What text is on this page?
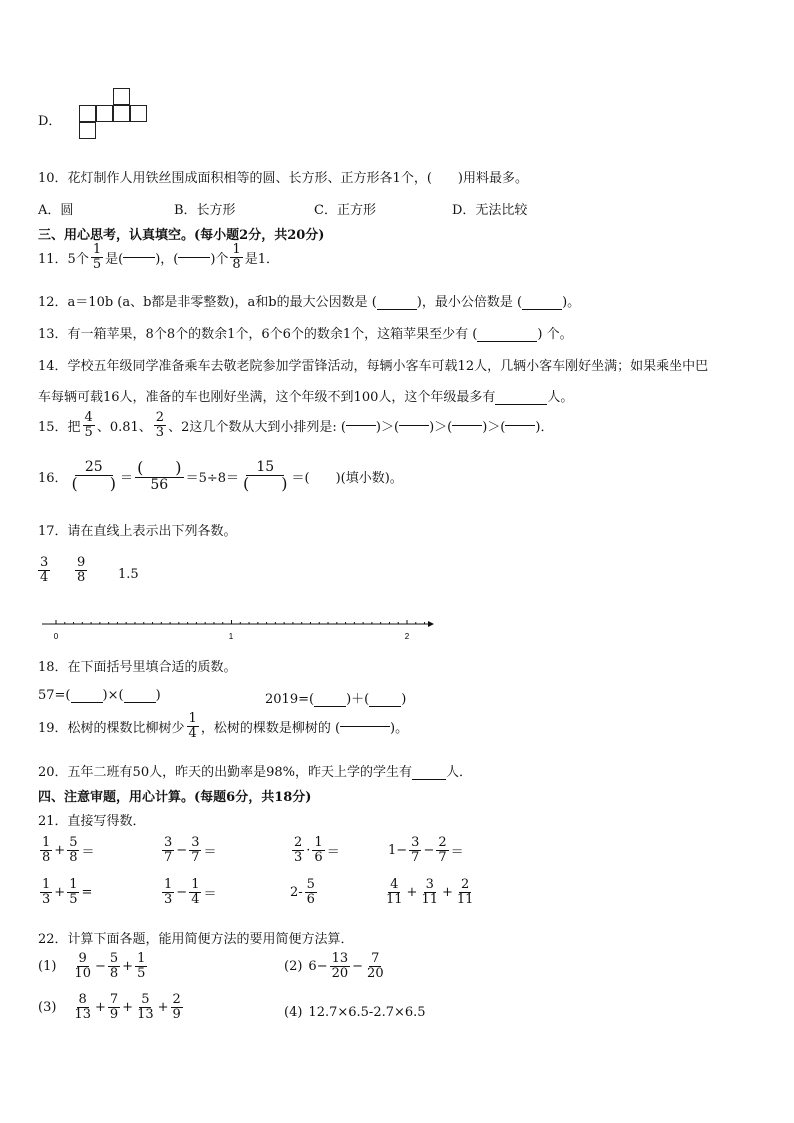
D．
10．花灯制作人用铁丝围成面积相等的圆、长方形、正方形各1个，(　　)用料最多。
A．圆	B．长方形	C．正方形	D．无法比较
三、用心思考，认真填空。(每小题2分，共20分)
11． 5个 $\frac{1}{5}$ 是( )，( )个 $\frac{1}{8}$ 是1．
12．a＝10b (a、b都是非零整数)，a和b的最大公因数是 (	)，最小公倍数是 (	)。
13．有一箱苹果，8个8个的数余1个，6个6个的数余1个，这箱苹果至少有 (	) 个。
14．学校五年级同学准备乘车去敬老院参加学雷锋活动，每辆小客车可载12人，几辆小客车刚好坐满；如果乘坐中巴
车每辆可载16人，准备的车也刚好坐满，这个年级不到100人，这个年级最多有	人。
15．把 $\frac{4}{5}$ 、0.81、 $\frac{2}{3}$ 、2这几个数从大到小排列是: ( )＞( )＞( )＞( )．
16． $\frac{25}{( )} = \frac{( )}{56} =5\div 8= \frac{15}{( )}$ ＝(　　)(填小数)。
17．请在直线上表示出下列各数。
$\frac{3}{4} \frac{9}{8} 1.5$
0	1	2
18．在下面括号里填合适的质数。
57=( )×( )	2019=( )＋( )
19．松树的棵数比柳树少 $\frac{1}{4}$ ，松树的棵数是柳树的 (	)。
20．五年二班有50人，昨天的出勤率是98%，昨天上学的学生有	人．
四、注意审题，用心计算。(每题6分，共18分)
21．直接写得数．
$\frac{1}{8} + \frac{5}{8}$ ＝	$\frac{3}{7} - \frac{3}{7}$ ＝	$\frac{2}{3} \cdot \frac{1}{6}$ ＝	$1- \frac{3}{7} - \frac{2}{7}$ ＝
$\frac{1}{3} + \frac{1}{5}$ =	$\frac{1}{3} - \frac{1}{4}$ ＝	$2- \frac{5}{6}$	$\frac{4}{11} + \frac{3}{11} + \frac{2}{11}$
22．计算下面各题，能用简便方法的要用简便方法算．
$(1) \frac{9}{10} - \frac{5}{8} + \frac{1}{5}$	(2) $6- \frac{13}{20} - \frac{7}{20}$
$(3) \frac{8}{13} + \frac{7}{9} + \frac{5}{13} + \frac{2}{9}$	(4) 12.7×6.5-2.7×6.5
